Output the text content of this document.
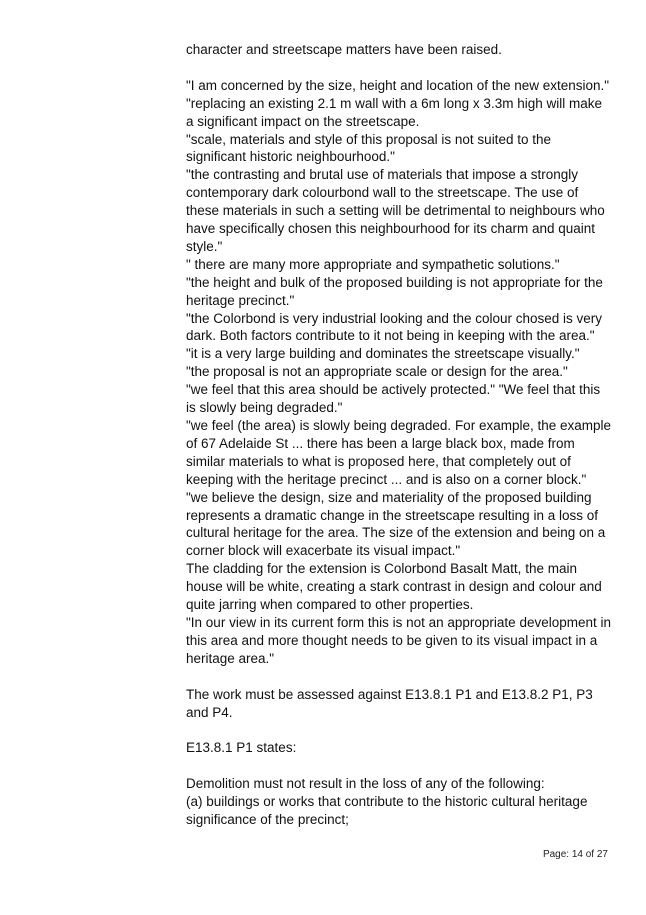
character and streetscape matters have been raised.

"I am concerned by the size, height and location of the new extension."

"replacing an existing 2.1 m wall with a 6m long x 3.3m high will make a significant impact on the streetscape.

"scale, materials and style of this proposal is not suited to the significant historic neighbourhood."

"the contrasting and brutal use of materials that impose a strongly contemporary dark colourbond wall to the streetscape. The use of these materials in such a setting will be detrimental to neighbours who have specifically chosen this neighbourhood for its charm and quaint style."

" there are many more appropriate and sympathetic solutions."

"the height and bulk of the proposed building is not appropriate for the heritage precinct."

"the Colorbond is very industrial looking and the colour chosed is very dark. Both factors contribute to it not being in keeping with the area."

"it is a very large building and dominates the streetscape visually."

"the proposal is not an appropriate scale or design for the area."

"we feel that this area should be actively protected." "We feel that this is slowly being degraded."

"we feel (the area) is slowly being degraded. For example, the example of 67 Adelaide St ... there has been a large black box, made from similar materials to what is proposed here, that completely out of keeping with the heritage precinct ... and is also on a corner block."

"we believe the design, size and materiality of the proposed building represents a dramatic change in the streetscape resulting in a loss of cultural heritage for the area. The size of the extension and being on a corner block will exacerbate its visual impact."

The cladding for the extension is Colorbond Basalt Matt, the main house will be white, creating a stark contrast in design and colour and quite jarring when compared to other properties.

"In our view in its current form this is not an appropriate development in this area and more thought needs to be given to its visual impact in a heritage area."

The work must be assessed against E13.8.1 P1 and E13.8.2 P1, P3 and P4.

E13.8.1 P1 states:

Demolition must not result in the loss of any of the following:

(a) buildings or works that contribute to the historic cultural heritage significance of the precinct;

Page: 14 of 27
